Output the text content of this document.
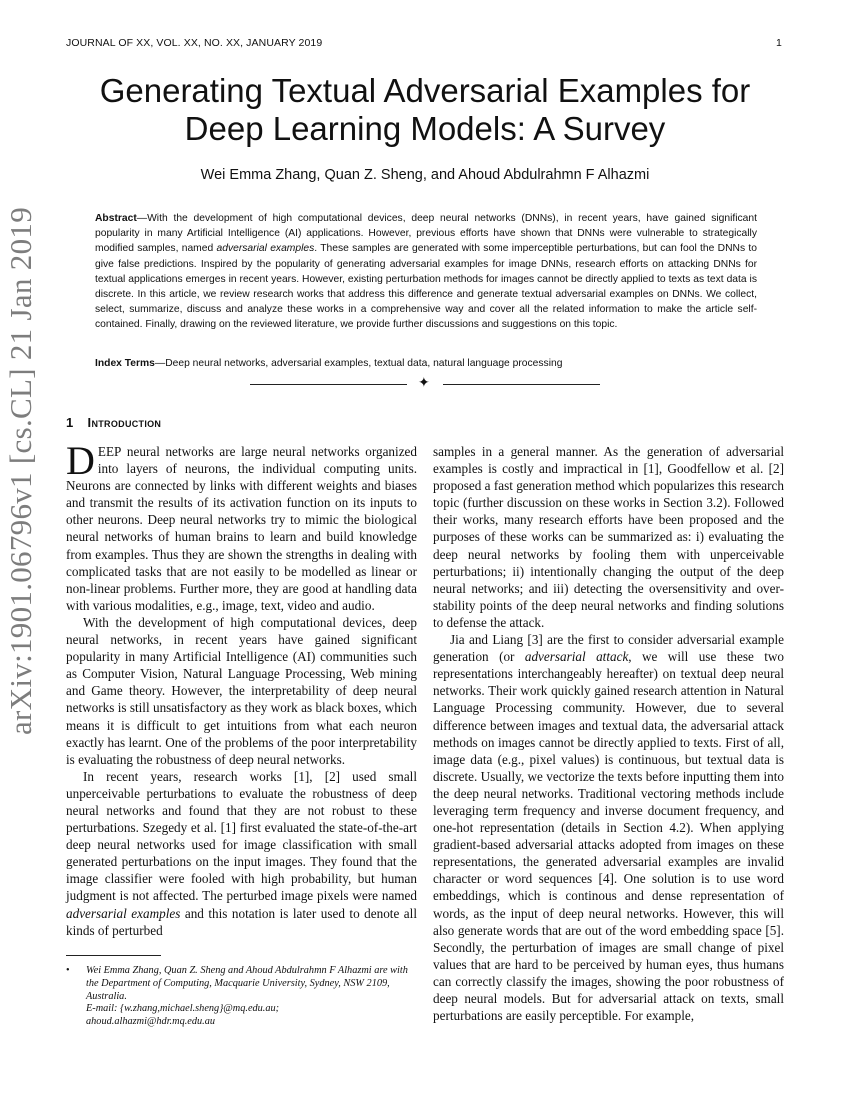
JOURNAL OF XX, VOL. XX, NO. XX, JANUARY 2019	1
arXiv:1901.06796v1 [cs.CL] 21 Jan 2019
Generating Textual Adversarial Examples for Deep Learning Models: A Survey
Wei Emma Zhang, Quan Z. Sheng, and Ahoud Abdulrahmn F Alhazmi
Abstract—With the development of high computational devices, deep neural networks (DNNs), in recent years, have gained significant popularity in many Artificial Intelligence (AI) applications. However, previous efforts have shown that DNNs were vulnerable to strategically modified samples, named adversarial examples. These samples are generated with some imperceptible perturbations, but can fool the DNNs to give false predictions. Inspired by the popularity of generating adversarial examples for image DNNs, research efforts on attacking DNNs for textual applications emerges in recent years. However, existing perturbation methods for images cannot be directly applied to texts as text data is discrete. In this article, we review research works that address this difference and generate textual adversarial examples on DNNs. We collect, select, summarize, discuss and analyze these works in a comprehensive way and cover all the related information to make the article self-contained. Finally, drawing on the reviewed literature, we provide further discussions and suggestions on this topic.
Index Terms—Deep neural networks, adversarial examples, textual data, natural language processing
✦
1 Introduction

DEEP neural networks are large neural networks organized into layers of neurons, the individual computing units. Neurons are connected by links with different weights and biases and transmit the results of its activation function on its inputs to other neurons. Deep neural networks try to mimic the biological neural networks of human brains to learn and build knowledge from examples. Thus they are shown the strengths in dealing with complicated tasks that are not easily to be modelled as linear or non-linear problems. Further more, they are good at handling data with various modalities, e.g., image, text, video and audio.

With the development of high computational devices, deep neural networks, in recent years have gained significant popularity in many Artificial Intelligence (AI) communities such as Computer Vision, Natural Language Processing, Web mining and Game theory. However, the interpretability of deep neural networks is still unsatisfactory as they work as black boxes, which means it is difficult to get intuitions from what each neuron exactly has learnt. One of the problems of the poor interpretability is evaluating the robustness of deep neural networks.

In recent years, research works [1], [2] used small unperceivable perturbations to evaluate the robustness of deep neural networks and found that they are not robust to these perturbations. Szegedy et al. [1] first evaluated the state-of-the-art deep neural networks used for image classification with small generated perturbations on the input images. They found that the image classifier were fooled with high probability, but human judgment is not affected. The perturbed image pixels were named adversarial examples and this notation is later used to denote all kinds of perturbed

• Wei Emma Zhang, Quan Z. Sheng and Ahoud Abdulrahmn F Alhazmi are with the Department of Computing, Macquarie University, Sydney, NSW 2109, Australia.
E-mail: {w.zhang,michael.sheng}@mq.edu.au;
ahoud.alhazmi@hdr.mq.edu.au

samples in a general manner. As the generation of adversarial examples is costly and impractical in [1], Goodfellow et al. [2] proposed a fast generation method which popularizes this research topic (further discussion on these works in Section 3.2). Followed their works, many research efforts have been proposed and the purposes of these works can be summarized as: i) evaluating the deep neural networks by fooling them with unperceivable perturbations; ii) intentionally changing the output of the deep neural networks; and iii) detecting the oversensitivity and over-stability points of the deep neural networks and finding solutions to defense the attack.

Jia and Liang [3] are the first to consider adversarial example generation (or adversarial attack, we will use these two representations interchangeably hereafter) on textual deep neural networks. Their work quickly gained research attention in Natural Language Processing community. However, due to several difference between images and textual data, the adversarial attack methods on images cannot be directly applied to texts. First of all, image data (e.g., pixel values) is continuous, but textual data is discrete. Usually, we vectorize the texts before inputting them into the deep neural networks. Traditional vectoring methods include leveraging term frequency and inverse document frequency, and one-hot representation (details in Section 4.2). When applying gradient-based adversarial attacks adopted from images on these representations, the generated adversarial examples are invalid character or word sequences [4]. One solution is to use word embeddings, which is continous and dense representation of words, as the input of deep neural networks. However, this will also generate words that are out of the word embedding space [5]. Secondly, the perturbation of images are small change of pixel values that are hard to be perceived by human eyes, thus humans can correctly classify the images, showing the poor robustness of deep neural models. But for adversarial attack on texts, small perturbations are easily perceptible. For example,
